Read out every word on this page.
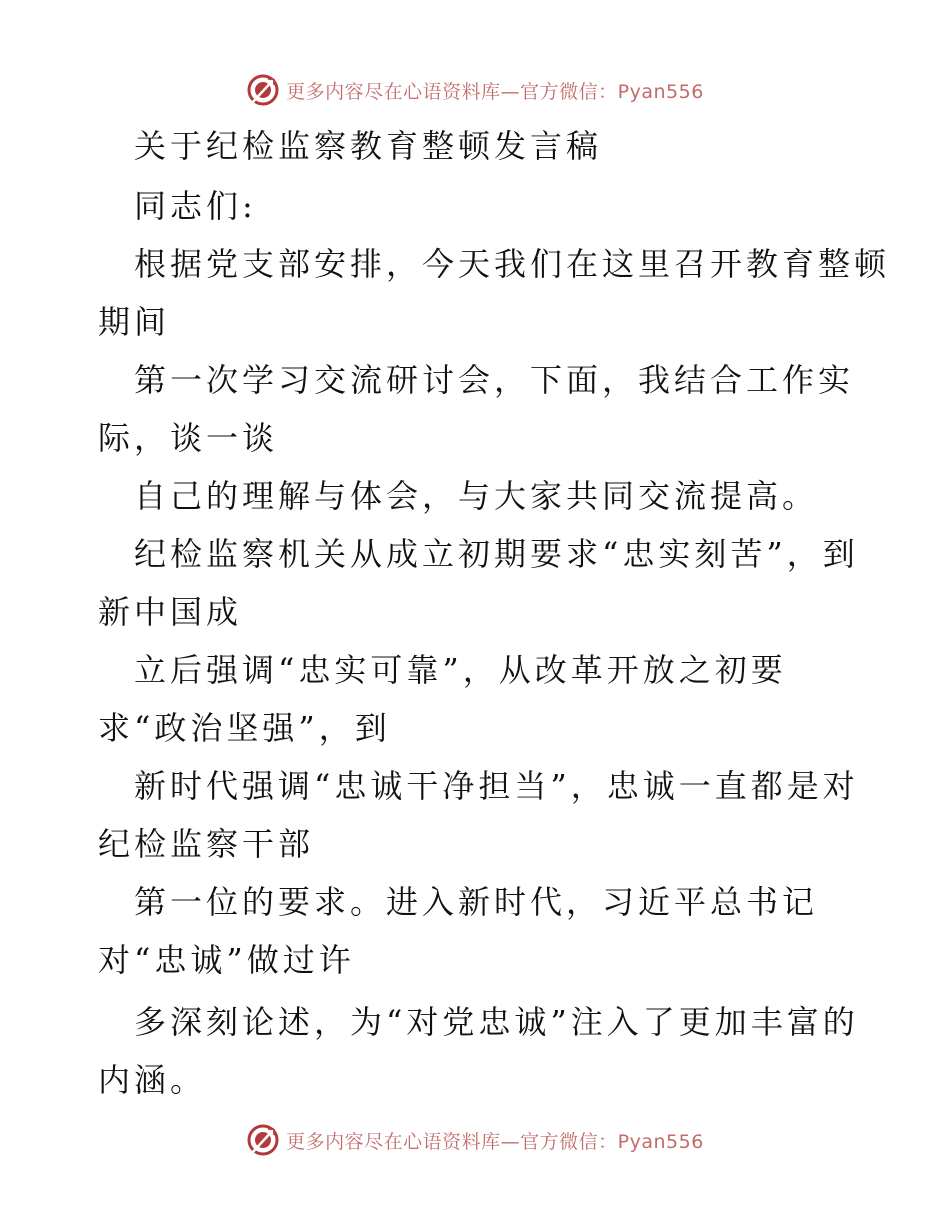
更多内容尽在心语资料库—官方微信：Pyan556
关于纪检监察教育整顿发言稿
同志们:
根据党支部安排，今天我们在这里召开教育整顿
期间
第一次学习交流研讨会，下面，我结合工作实
际，谈一谈
自己的理解与体会，与大家共同交流提高。
纪检监察机关从成立初期要求“忠实刻苦”，到
新中国成
立后强调“忠实可靠”，从改革开放之初要
求“政治坚强”，到
新时代强调“忠诚干净担当”，忠诚一直都是对
纪检监察干部
第一位的要求。进入新时代，习近平总书记
对“忠诚”做过许
多深刻论述，为“对党忠诚”注入了更加丰富的
内涵。
更多内容尽在心语资料库—官方微信：Pyan556
